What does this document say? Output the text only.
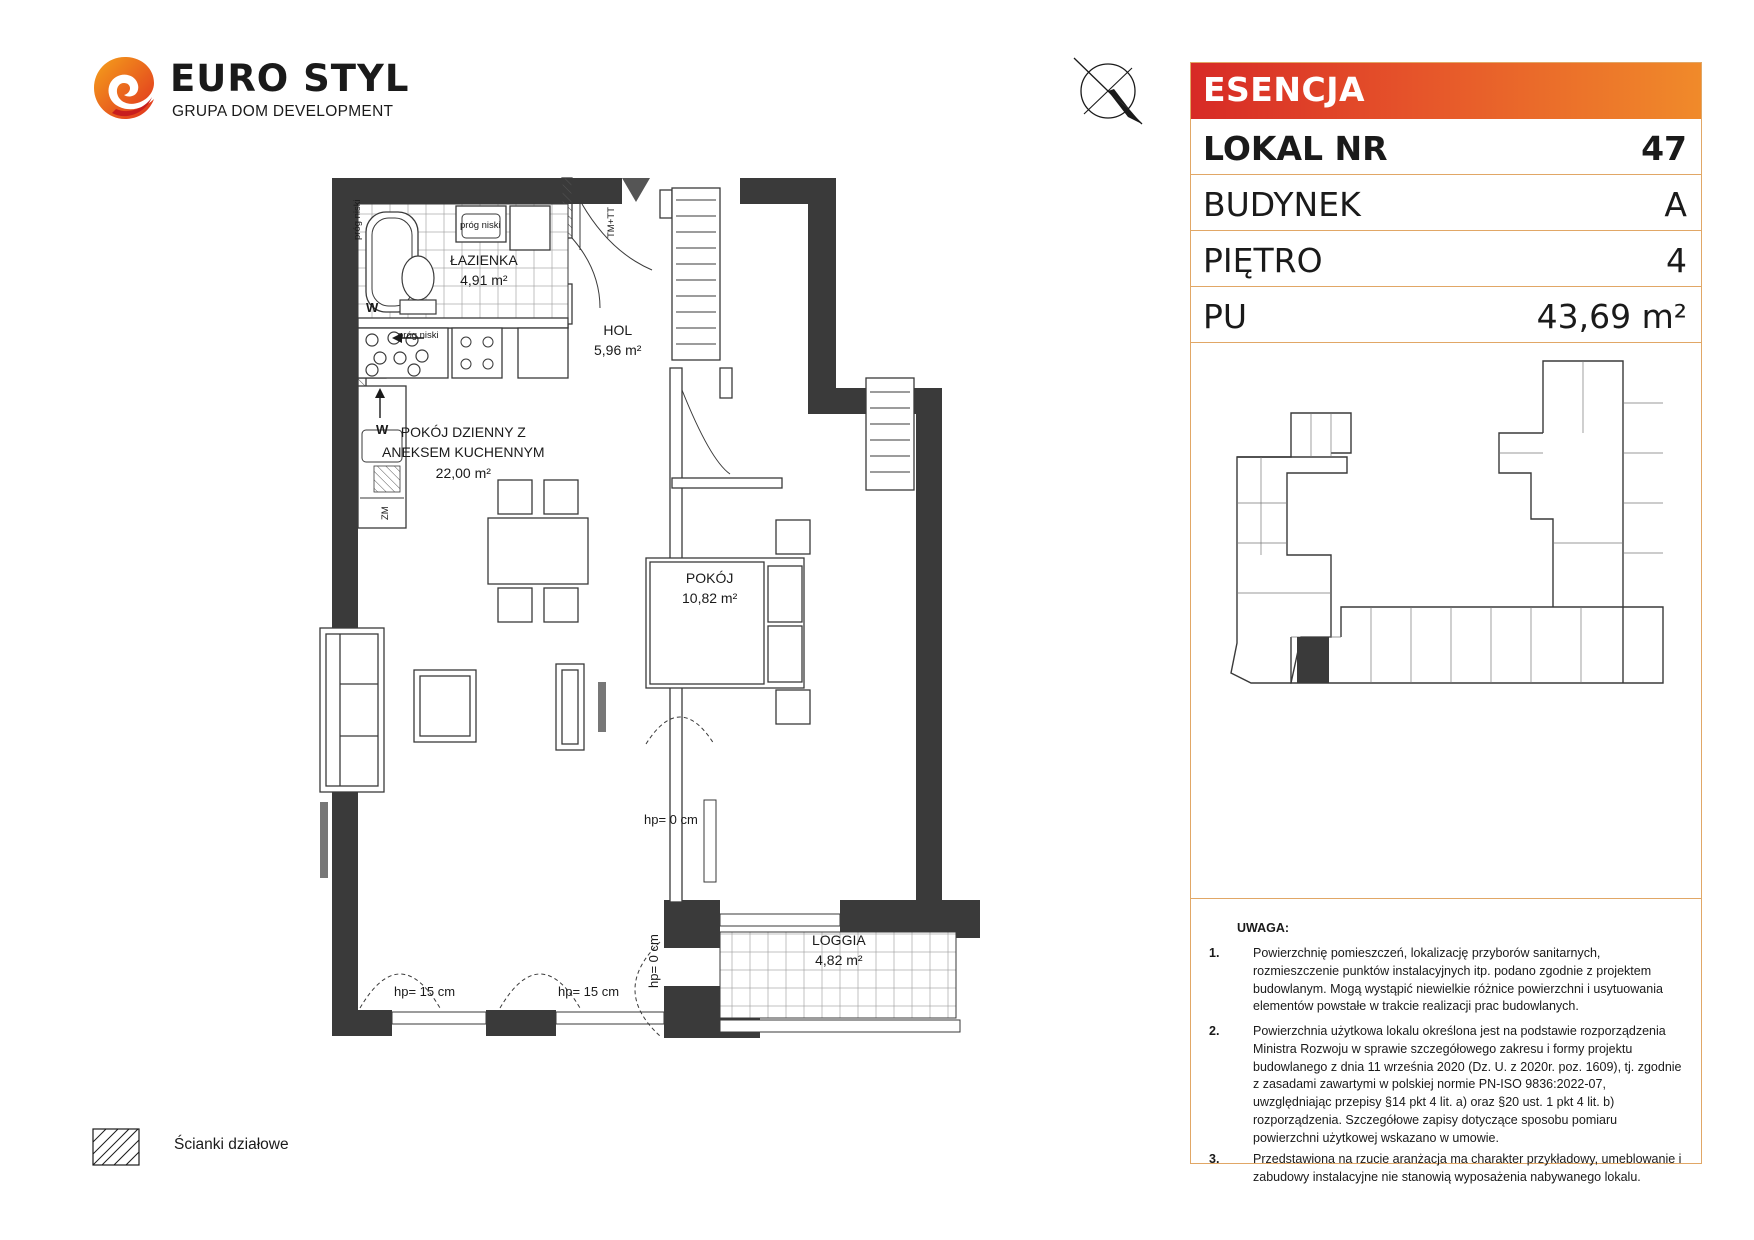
EURO STYL
GRUPA DOM DEVELOPMENT
ŁAZIENKA
4,91 m²
HOL
5,96 m²
POKÓJ DZIENNY Z
ANEKSEM KUCHENNYM
22,00 m²
POKÓJ
10,82 m²
LOGGIA
4,82 m²
próg niski
próg niski
próg niski	TM+TT
ZM
W
W
hp= 0 cm
hp= 0 cm
hp= 15 cm	hp= 15 cm
ESENCJA
LOKAL NR	47
BUDYNEK	A
PIĘTRO	4
PU	43,69 m²
UWAGA:
1.	Powierzchnię pomieszczeń, lokalizację przyborów sanitarnych, rozmieszczenie punktów instalacyjnych itp. podano zgodnie z projektem budowlanym. Mogą wystąpić niewielkie różnice powierzchni i usytuowania elementów powstałe w trakcie realizacji prac budowlanych.
2.	Powierzchnia użytkowa lokalu określona jest na podstawie rozporządzenia Ministra Rozwoju w sprawie szczegółowego zakresu i formy projektu budowlanego z dnia 11 września 2020 (Dz. U. z 2020r. poz. 1609), tj. zgodnie z zasadami zawartymi w polskiej normie PN-ISO 9836:2022-07, uwzględniając przepisy §14 pkt 4 lit. a) oraz §20 ust. 1 pkt 4 lit. b) rozporządzenia. Szczegółowe zapisy dotyczące sposobu pomiaru powierzchni użytkowej wskazano w umowie.
3.	Przedstawiona na rzucie aranżacja ma charakter przykładowy, umeblowanie i zabudowy instalacyjne nie stanowią wyposażenia nabywanego lokalu.
Ścianki działowe
